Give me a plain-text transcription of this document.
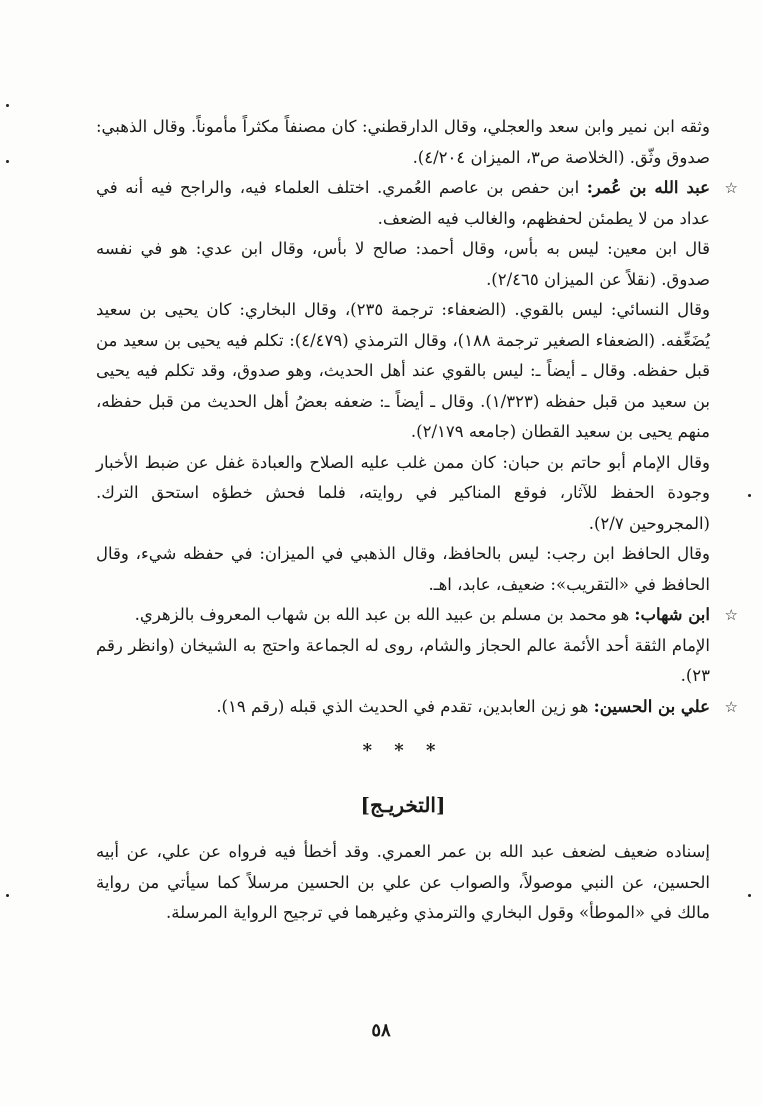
وثقه ابن نمير وابن سعد والعجلي، وقال الدارقطني: كان مصنفاً مكثراً مأموناً. وقال الذهبي: صدوق وثّق. (الخلاصة ص٣، الميزان ٤/٢٠٤).

☆

عبد الله بن عُمر: ابن حفص بن عاصم العُمري. اختلف العلماء فيه، والراجح فيه أنه في عداد من لا يطمئن لحفظهم، والغالب فيه الضعف.

قال ابن معين: ليس به بأس، وقال أحمد: صالح لا بأس، وقال ابن عدي: هو في نفسه صدوق. (نقلاً عن الميزان ٢/٤٦٥).

وقال النسائي: ليس بالقوي. (الضعفاء: ترجمة ٢٣٥)، وقال البخاري: كان يحيى بن سعيد يُضَعِّفه. (الضعفاء الصغير ترجمة ١٨٨)، وقال الترمذي (٤/٤٧٩): تكلم فيه يحيى بن سعيد من قبل حفظه. وقال ـ أيضاً ـ: ليس بالقوي عند أهل الحديث، وهو صدوق، وقد تكلم فيه يحيى بن سعيد من قبل حفظه (١/٣٢٣). وقال ـ أيضاً ـ: ضعفه بعضُ أهل الحديث من قبل حفظه، منهم يحيى بن سعيد القطان (جامعه ٢/١٧٩).

وقال الإمام أبو حاتم بن حبان: كان ممن غلب عليه الصلاح والعبادة غفل عن ضبط الأخبار وجودة الحفظ للآثار، فوقع المناكير في روايته، فلما فحش خطؤه استحق الترك. (المجروحين ٢/٧).

وقال الحافظ ابن رجب: ليس بالحافظ، وقال الذهبي في الميزان: في حفظه شيء، وقال الحافظ في «التقريب»: ضعيف، عابد، اهـ.

☆

ابن شهاب: هو محمد بن مسلم بن عبيد الله بن عبد الله بن شهاب المعروف بالزهري.

الإمام الثقة أحد الأئمة عالم الحجاز والشام، روى له الجماعة واحتج به الشيخان (وانظر رقم ٢٣).

☆

علي بن الحسين: هو زين العابدين، تقدم في الحديث الذي قبله (رقم ١٩).

* * *
[التخريـج]

إسناده ضعيف لضعف عبد الله بن عمر العمري. وقد أخطأ فيه فرواه عن علي، عن أبيه الحسين، عن النبي موصولاً، والصواب عن علي بن الحسين مرسلاً كما سيأتي من رواية مالك في «الموطأ» وقول البخاري والترمذي وغيرهما في ترجيح الرواية المرسلة.

٥٨
